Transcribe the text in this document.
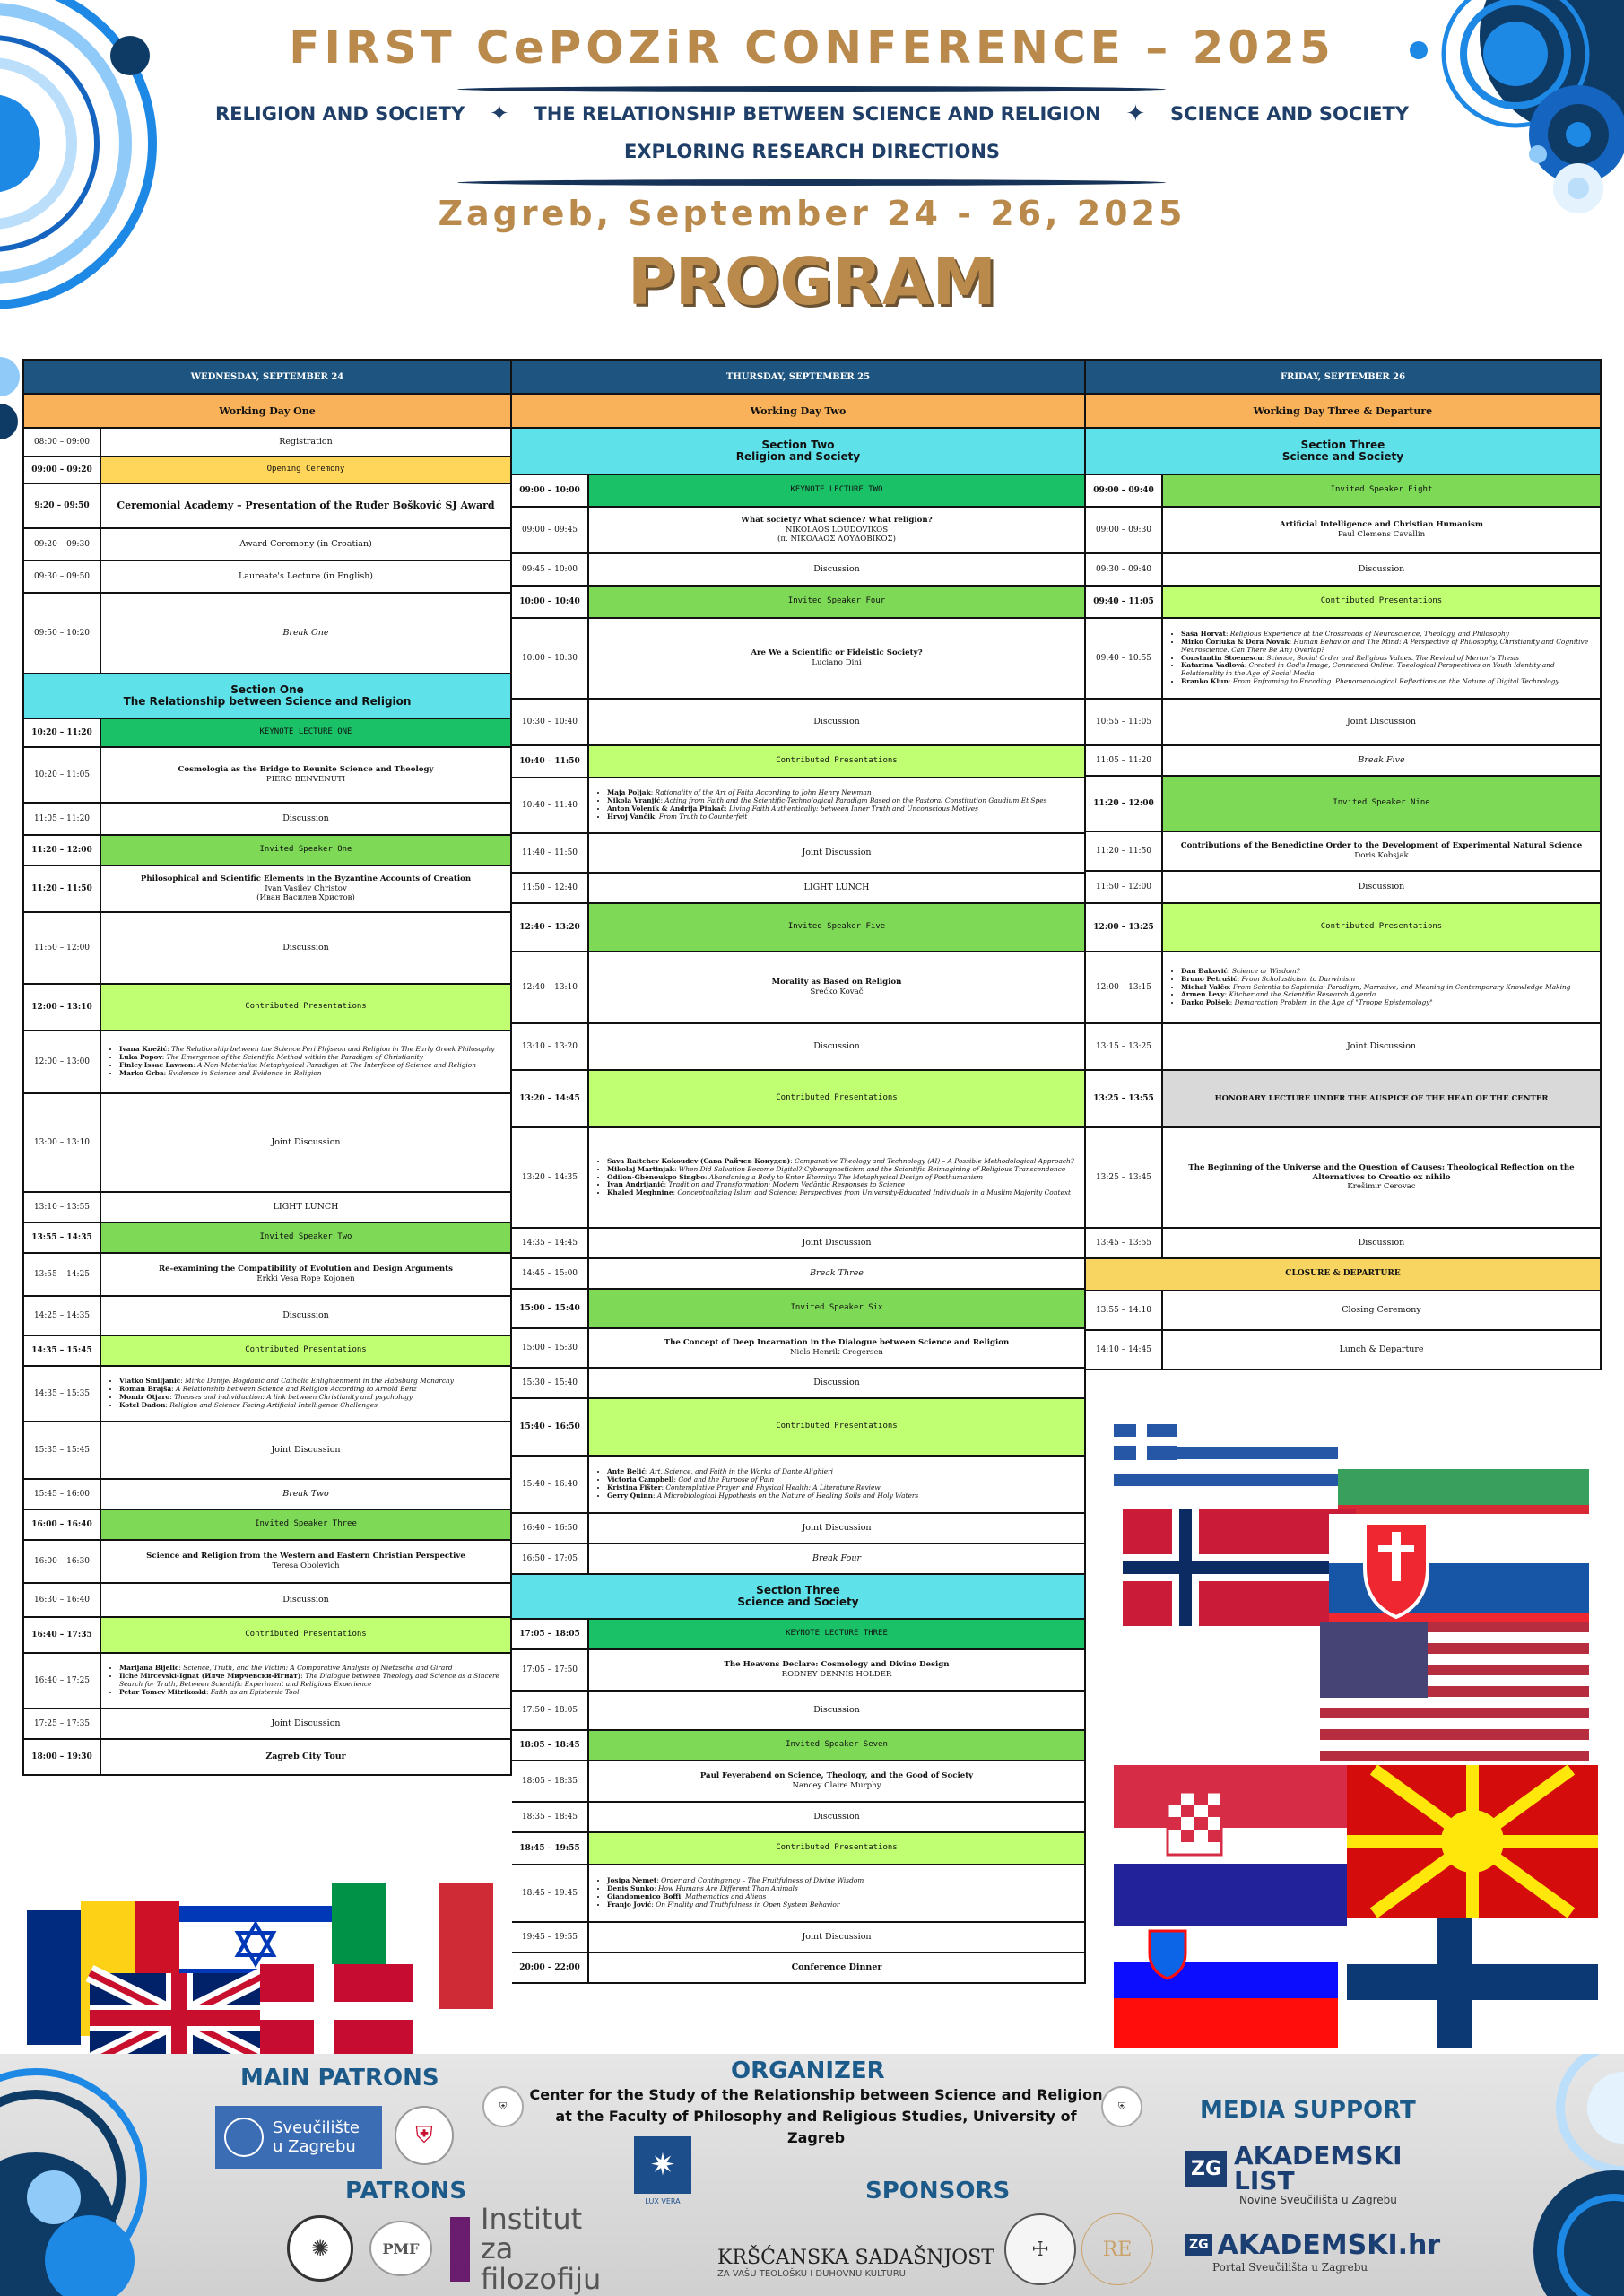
FIRST CePOZiR CONFERENCE – 2025
RELIGION AND SOCIETY ✦ THE RELATIONSHIP BETWEEN SCIENCE AND RELIGION ✦ SCIENCE AND SOCIETY
EXPLORING RESEARCH DIRECTIONS
Zagreb, September 24 - 26, 2025
PROGRAM
WEDNESDAY, SEPTEMBER 24
Working Day One
08:00 – 09:00	Registration
09:00 – 09:20	Opening Ceremony
9:20 – 09:50	Ceremonial Academy – Presentation of the Ruđer Bošković SJ Award
09:20 – 09:30	Award Ceremony (in Croatian)
09:30 – 09:50	Laureate's Lecture (in English)
09:50 – 10:20	Break One
Section One
The Relationship between Science and Religion
10:20 – 11:20	KEYNOTE LECTURE ONE
10:20 – 11:05
Cosmologia as the Bridge to Reunite Science and Theology
PIERO BENVENUTI
11:05 – 11:20	Discussion
11:20 – 12:00	Invited Speaker One
11:20 – 11:50
Philosophical and Scientific Elements in the Byzantine Accounts of Creation
Ivan Vasilev Christov
(Иван Василев Христов)
11:50 – 12:00	Discussion
12:00 – 13:10	Contributed Presentations
12:00 – 13:00
• Ivana Knežić: The Relationship between the Science Peri Phýseon and Religion in The Early Greek Philosophy
• Luka Popov: The Emergence of the Scientific Method within the Paradigm of Christianity
• Finley Issac Lawson: A Non-Materialist Metaphysical Paradigm at The Interface of Science and Religion
• Marko Grba: Evidence in Science and Evidence in Religion
13:00 – 13:10	Joint Discussion
13:10 – 13:55	LIGHT LUNCH
13:55 – 14:35	Invited Speaker Two
13:55 – 14:25
Re-examining the Compatibility of Evolution and Design Arguments
Erkki Vesa Rope Kojonen
14:25 – 14:35	Discussion
14:35 – 15:45	Contributed Presentations
14:35 – 15:35
• Vlatko Smiljanić: Mirko Danijel Bogdanić and Catholic Enlightenment in the Habsburg Monarchy
• Roman Brajša: A Relationship between Science and Religion According to Arnold Benz
• Momir Otjaro: Theoses and individuation: A link between Christianity and psychology
• Kotel Dadon: Religion and Science Facing Artificial Intelligence Challenges
15:35 – 15:45	Joint Discussion
15:45 – 16:00	Break Two
16:00 – 16:40	Invited Speaker Three
16:00 – 16:30
Science and Religion from the Western and Eastern Christian Perspective
Teresa Obolevich
16:30 – 16:40	Discussion
16:40 – 17:35	Contributed Presentations
16:40 – 17:25
• Marijana Bijelić: Science, Truth, and the Victim: A Comparative Analysis of Nietzsche and Girard
• Ilche Mircevski-Ignat (Илче Мирчевски-Игнат): The Dialogue between Theology and Science as a Sincere Search for Truth, Between Scientific Experiment and Religious Experience
• Petar Tomev Mitrikoski: Faith as an Epistemic Tool
17:25 – 17:35	Joint Discussion
18:00 – 19:30	Zagreb City Tour
THURSDAY, SEPTEMBER 25
Working Day Two
Section Two
Religion and Society
09:00 – 10:00	KEYNOTE LECTURE TWO
09:00 – 09:45
What society? What science? What religion?
NIKOLAOS LOUDOVIKOS
(π. ΝΙΚΟΛΑΟΣ ΛΟΥΔΟΒΙΚΟΣ)
09:45 – 10:00	Discussion
10:00 – 10:40	Invited Speaker Four
10:00 – 10:30
Are We a Scientific or Fideistic Society?
Luciano Dini
10:30 – 10:40	Discussion
10:40 – 11:50	Contributed Presentations
10:40 – 11:40
• Maja Poljak: Rationality of the Art of Faith According to John Henry Newman
• Nikola Vranjić: Acting from Faith and the Scientific-Technological Paradigm Based on the Pastoral Constitution Gaudium Et Spes
• Anton Volenik & Andrija Pinkač: Living Faith Authentically: between Inner Truth and Unconscious Motives
• Hrvoj Vančik: From Truth to Counterfeit
11:40 – 11:50	Joint Discussion
11:50 – 12:40	LIGHT LUNCH
12:40 – 13:20	Invited Speaker Five
12:40 – 13:10
Morality as Based on Religion
Srećko Kovač
13:10 – 13:20	Discussion
13:20 – 14:45	Contributed Presentations
13:20 – 14:35
• Sava Raitchev Kokoudev (Сава Райчев Кокудев): Comparative Theology and Technology (AI) – A Possible Methodological Approach?
• Mikolaj Martinjak: When Did Salvation Become Digital? Cyberagnosticism and the Scientific Reimagining of Religious Transcendence
• Odilon-Gbènoukpo Singbo: Abandoning a Body to Enter Eternity: The Metaphysical Design of Posthumanism
• Ivan Andrijanić: Tradition and Transformation: Modern Vedāntic Responses to Science
• Khaled Meghnine: Conceptualizing Islam and Science: Perspectives from University-Educated Individuals in a Muslim Majority Context
14:35 – 14:45	Joint Discussion
14:45 – 15:00	Break Three
15:00 – 15:40	Invited Speaker Six
15:00 – 15:30
The Concept of Deep Incarnation in the Dialogue between Science and Religion
Niels Henrik Gregersen
15:30 – 15:40	Discussion
15:40 – 16:50	Contributed Presentations
15:40 – 16:40
• Ante Belić: Art, Science, and Faith in the Works of Dante Alighieri
• Victoria Campbell: God and the Purpose of Pain
• Kristina Fišter: Contemplative Prayer and Physical Health: A Literature Review
• Gerry Quinn: A Microbiological Hypothesis on the Nature of Healing Soils and Holy Waters
16:40 – 16:50	Joint Discussion
16:50 – 17:05	Break Four
Section Three
Science and Society
17:05 – 18:05	KEYNOTE LECTURE THREE
17:05 – 17:50
The Heavens Declare: Cosmology and Divine Design
RODNEY DENNIS HOLDER
17:50 – 18:05	Discussion
18:05 – 18:45	Invited Speaker Seven
18:05 – 18:35
Paul Feyerabend on Science, Theology, and the Good of Society
Nancey Claire Murphy
18:35 – 18:45	Discussion
18:45 – 19:55	Contributed Presentations
18:45 – 19:45
• Josipa Nemet: Order and Contingency – The Fruitfulness of Divine Wisdom
• Denis Sunko: How Humans Are Different Than Animals
• Giandomenico Boffi: Mathematics and Aliens
• Franjo Jović: On Finality and Truthfulness in Open System Behavior
19:45 – 19:55	Joint Discussion
20:00 – 22:00	Conference Dinner
FRIDAY, SEPTEMBER 26
Working Day Three & Departure
Section Three
Science and Society
09:00 – 09:40	Invited Speaker Eight
09:00 – 09:30
Artificial Intelligence and Christian Humanism
Paul Clemens Cavallin
09:30 – 09:40	Discussion
09:40 – 11:05	Contributed Presentations
09:40 – 10:55
• Saša Horvat: Religious Experience at the Crossroads of Neuroscience, Theology, and Philosophy
• Mirko Čorluka & Dora Novak: Human Behavior and The Mind: A Perspective of Philosophy, Christianity and Cognitive Neuroscience. Can There Be Any Overlap?
• Constantin Stoenescu: Science, Social Order and Religious Values. The Revival of Merton's Thesis
• Katarina Vadlová: Created in God's Image, Connected Online: Theological Perspectives on Youth Identity and Relationality in the Age of Social Media
• Branko Klun: From Enframing to Encoding. Phenomenological Reflections on the Nature of Digital Technology
10:55 – 11:05	Joint Discussion
11:05 – 11:20	Break Five
11:20 – 12:00	Invited Speaker Nine
11:20 – 11:50
Contributions of the Benedictine Order to the Development of Experimental Natural Science
Doris Kobsjak
11:50 – 12:00	Discussion
12:00 – 13:25	Contributed Presentations
12:00 – 13:15
• Dan Đaković: Science or Wisdom?
• Bruno Petrušić: From Scholasticism to Darwinism
• Michał Valčo: From Scientia to Sapientia: Paradigm, Narrative, and Meaning in Contemporary Knowledge Making
• Armen Levy: Kitcher and the Scientific Research Agenda
• Darko Polšek: Demarcation Problem in the Age of "Troope Epistemology"
13:15 – 13:25	Joint Discussion
13:25 – 13:55	HONORARY LECTURE UNDER THE AUSPICE OF THE HEAD OF THE CENTER
13:25 – 13:45
The Beginning of the Universe and the Question of Causes: Theological Reflection on the Alternatives to Creatio ex nihilo
Krešimir Cerovac
13:45 – 13:55	Discussion
CLOSURE & DEPARTURE
13:55 – 14:10	Closing Ceremony
14:10 – 14:45	Lunch & Departure
MAIN PATRONS	ORGANIZER
Center for the Study of the Relationship between Science and Religion
at the Faculty of Philosophy and Religious Studies, University of Zagreb
⛨	⛨	MEDIA SUPPORT
Sveučilište u Zagrebu	⛨
PATRONS	SPONSORS
✺	PMF
Institut za filozofiju
✷
LUX VERA
KRŠĆANSKA SADAŠNJOST
ZA VAŠU TEOLOŠKU I DUHOVNU KULTURU
☩	RE
ZG AKADEMSKI LIST
Novine Sveučilišta u Zagrebu
ZG AKADEMSKI.hr
Portal Sveučilišta u Zagrebu
